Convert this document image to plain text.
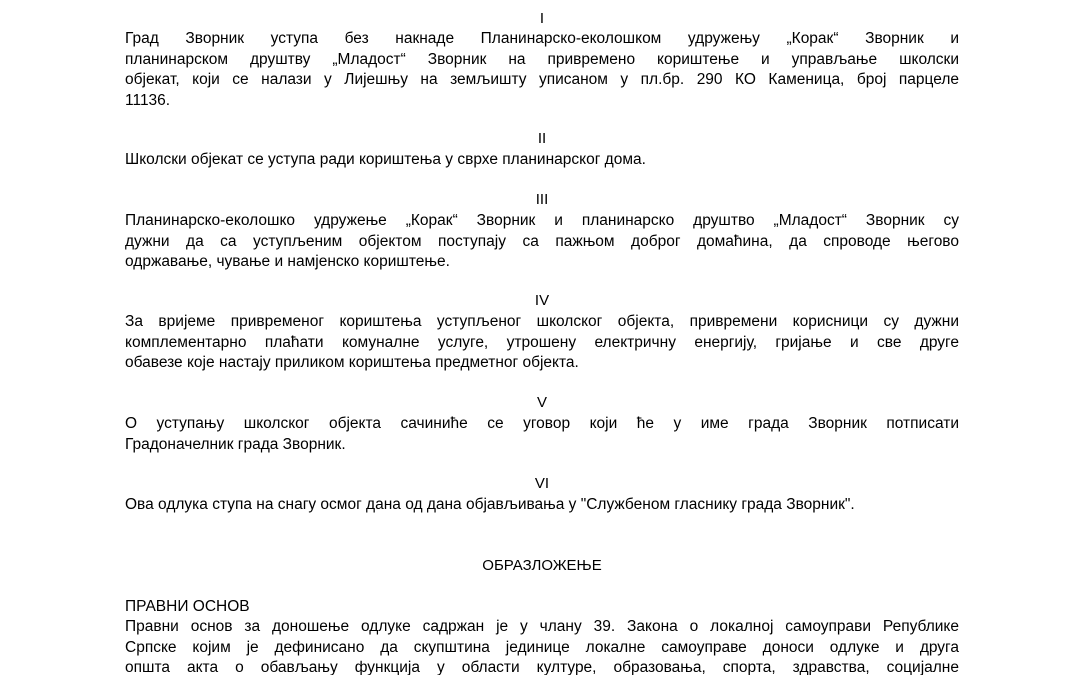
I
Град Зворник уступа без накнаде Планинарско-еколошком удружењу „Корак“ Зворник и
планинарском друштву „Младост“ Зворник на привремено кориштење и управљање школски
објекат, који се налази у Лијешњу на земљишту уписаном у пл.бр. 290 КО Каменица, број парцеле
11136.
II
Школски објекат се уступа ради кориштења у сврхе планинарског дома.
III
Планинарско-еколошко удружење „Корак“ Зворник и планинарско друштво „Младост“ Зворник су
дужни да са уступљеним објектом поступају са пажњом доброг домаћина, да спроводе његово
одржавање, чување и намјенско кориштење.
IV
За вријеме привременог кориштења уступљеног школског објекта, привремени корисници су дужни
комплементарно плаћати комуналне услуге, утрошену електричну енергију, гријање и све друге
обавезе које настају приликом кориштења предметног објекта.
V
О уступању школског објекта сачиниће се уговор који ће у име града Зворник потписати
Градоначелник града Зворник.
VI
Ова одлука ступа на снагу осмог дана од дана објављивања у "Службеном гласнику града Зворник".
ОБРАЗЛОЖЕЊЕ
ПРАВНИ ОСНОВ
Правни основ за доношење одлуке садржан је у члану 39. Закона о локалној самоуправи Републике
Српске којим је дефинисано да скупштина јединице локалне самоуправе доноси одлуке и друга
општа акта о обављању функција у области културе, образовања, спорта, здравства, социјалне
